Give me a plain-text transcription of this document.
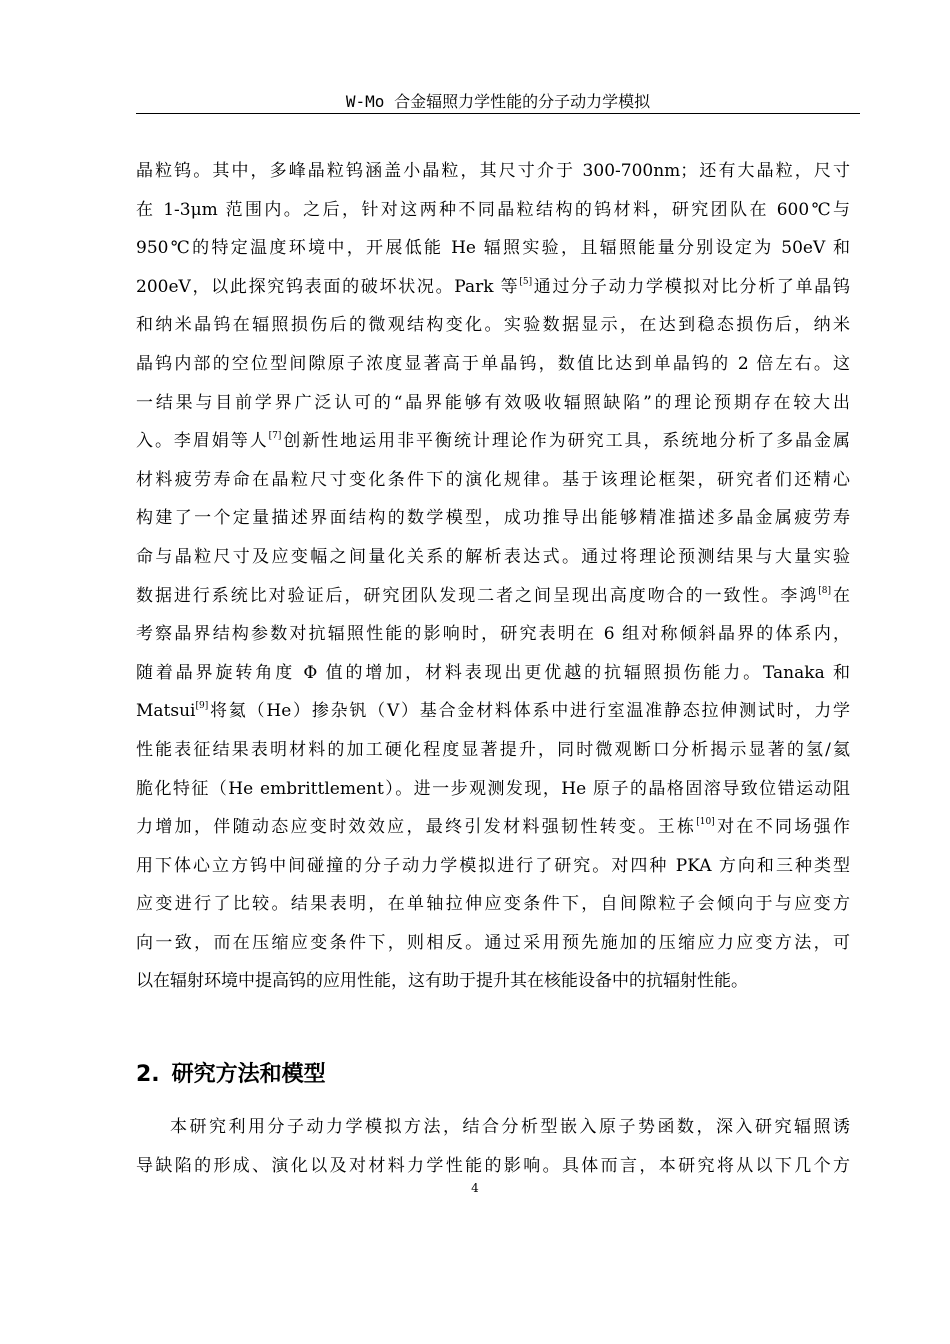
W-Mo 合金辐照力学性能的分子动力学模拟
晶粒钨。其中，多峰晶粒钨涵盖小晶粒，其尺寸介于 300-700nm；还有大晶粒，尺寸
在 1-3μm 范围内。之后，针对这两种不同晶粒结构的钨材料，研究团队在 600℃与
950℃的特定温度环境中，开展低能 He 辐照实验，且辐照能量分别设定为 50eV 和
200eV，以此探究钨表面的破坏状况。Park 等[5]通过分子动力学模拟对比分析了单晶钨
和纳米晶钨在辐照损伤后的微观结构变化。实验数据显示，在达到稳态损伤后，纳米
晶钨内部的空位型间隙原子浓度显著高于单晶钨，数值比达到单晶钨的 2 倍左右。这
一结果与目前学界广泛认可的“晶界能够有效吸收辐照缺陷”的理论预期存在较大出
入。李眉娟等人[7]创新性地运用非平衡统计理论作为研究工具，系统地分析了多晶金属
材料疲劳寿命在晶粒尺寸变化条件下的演化规律。基于该理论框架，研究者们还精心
构建了一个定量描述界面结构的数学模型，成功推导出能够精准描述多晶金属疲劳寿
命与晶粒尺寸及应变幅之间量化关系的解析表达式。通过将理论预测结果与大量实验
数据进行系统比对验证后，研究团队发现二者之间呈现出高度吻合的一致性。李鸿[8]在
考察晶界结构参数对抗辐照性能的影响时，研究表明在 6 组对称倾斜晶界的体系内，
随着晶界旋转角度 Φ 值的增加，材料表现出更优越的抗辐照损伤能力。Tanaka 和
Matsui[9]将氦（He）掺杂钒（V）基合金材料体系中进行室温准静态拉伸测试时，力学
性能表征结果表明材料的加工硬化程度显著提升，同时微观断口分析揭示显著的氢/氦
脆化特征（He embrittlement）。进一步观测发现，He 原子的晶格固溶导致位错运动阻
力增加，伴随动态应变时效效应，最终引发材料强韧性转变。王栋[10]对在不同场强作
用下体心立方钨中间碰撞的分子动力学模拟进行了研究。对四种 PKA 方向和三种类型
应变进行了比较。结果表明，在单轴拉伸应变条件下，自间隙粒子会倾向于与应变方
向一致，而在压缩应变条件下，则相反。通过采用预先施加的压缩应力应变方法，可
以在辐射环境中提高钨的应用性能，这有助于提升其在核能设备中的抗辐射性能。
2. 研究方法和模型
本研究利用分子动力学模拟方法，结合分析型嵌入原子势函数，深入研究辐照诱
导缺陷的形成、演化以及对材料力学性能的影响。具体而言，本研究将从以下几个方
4
